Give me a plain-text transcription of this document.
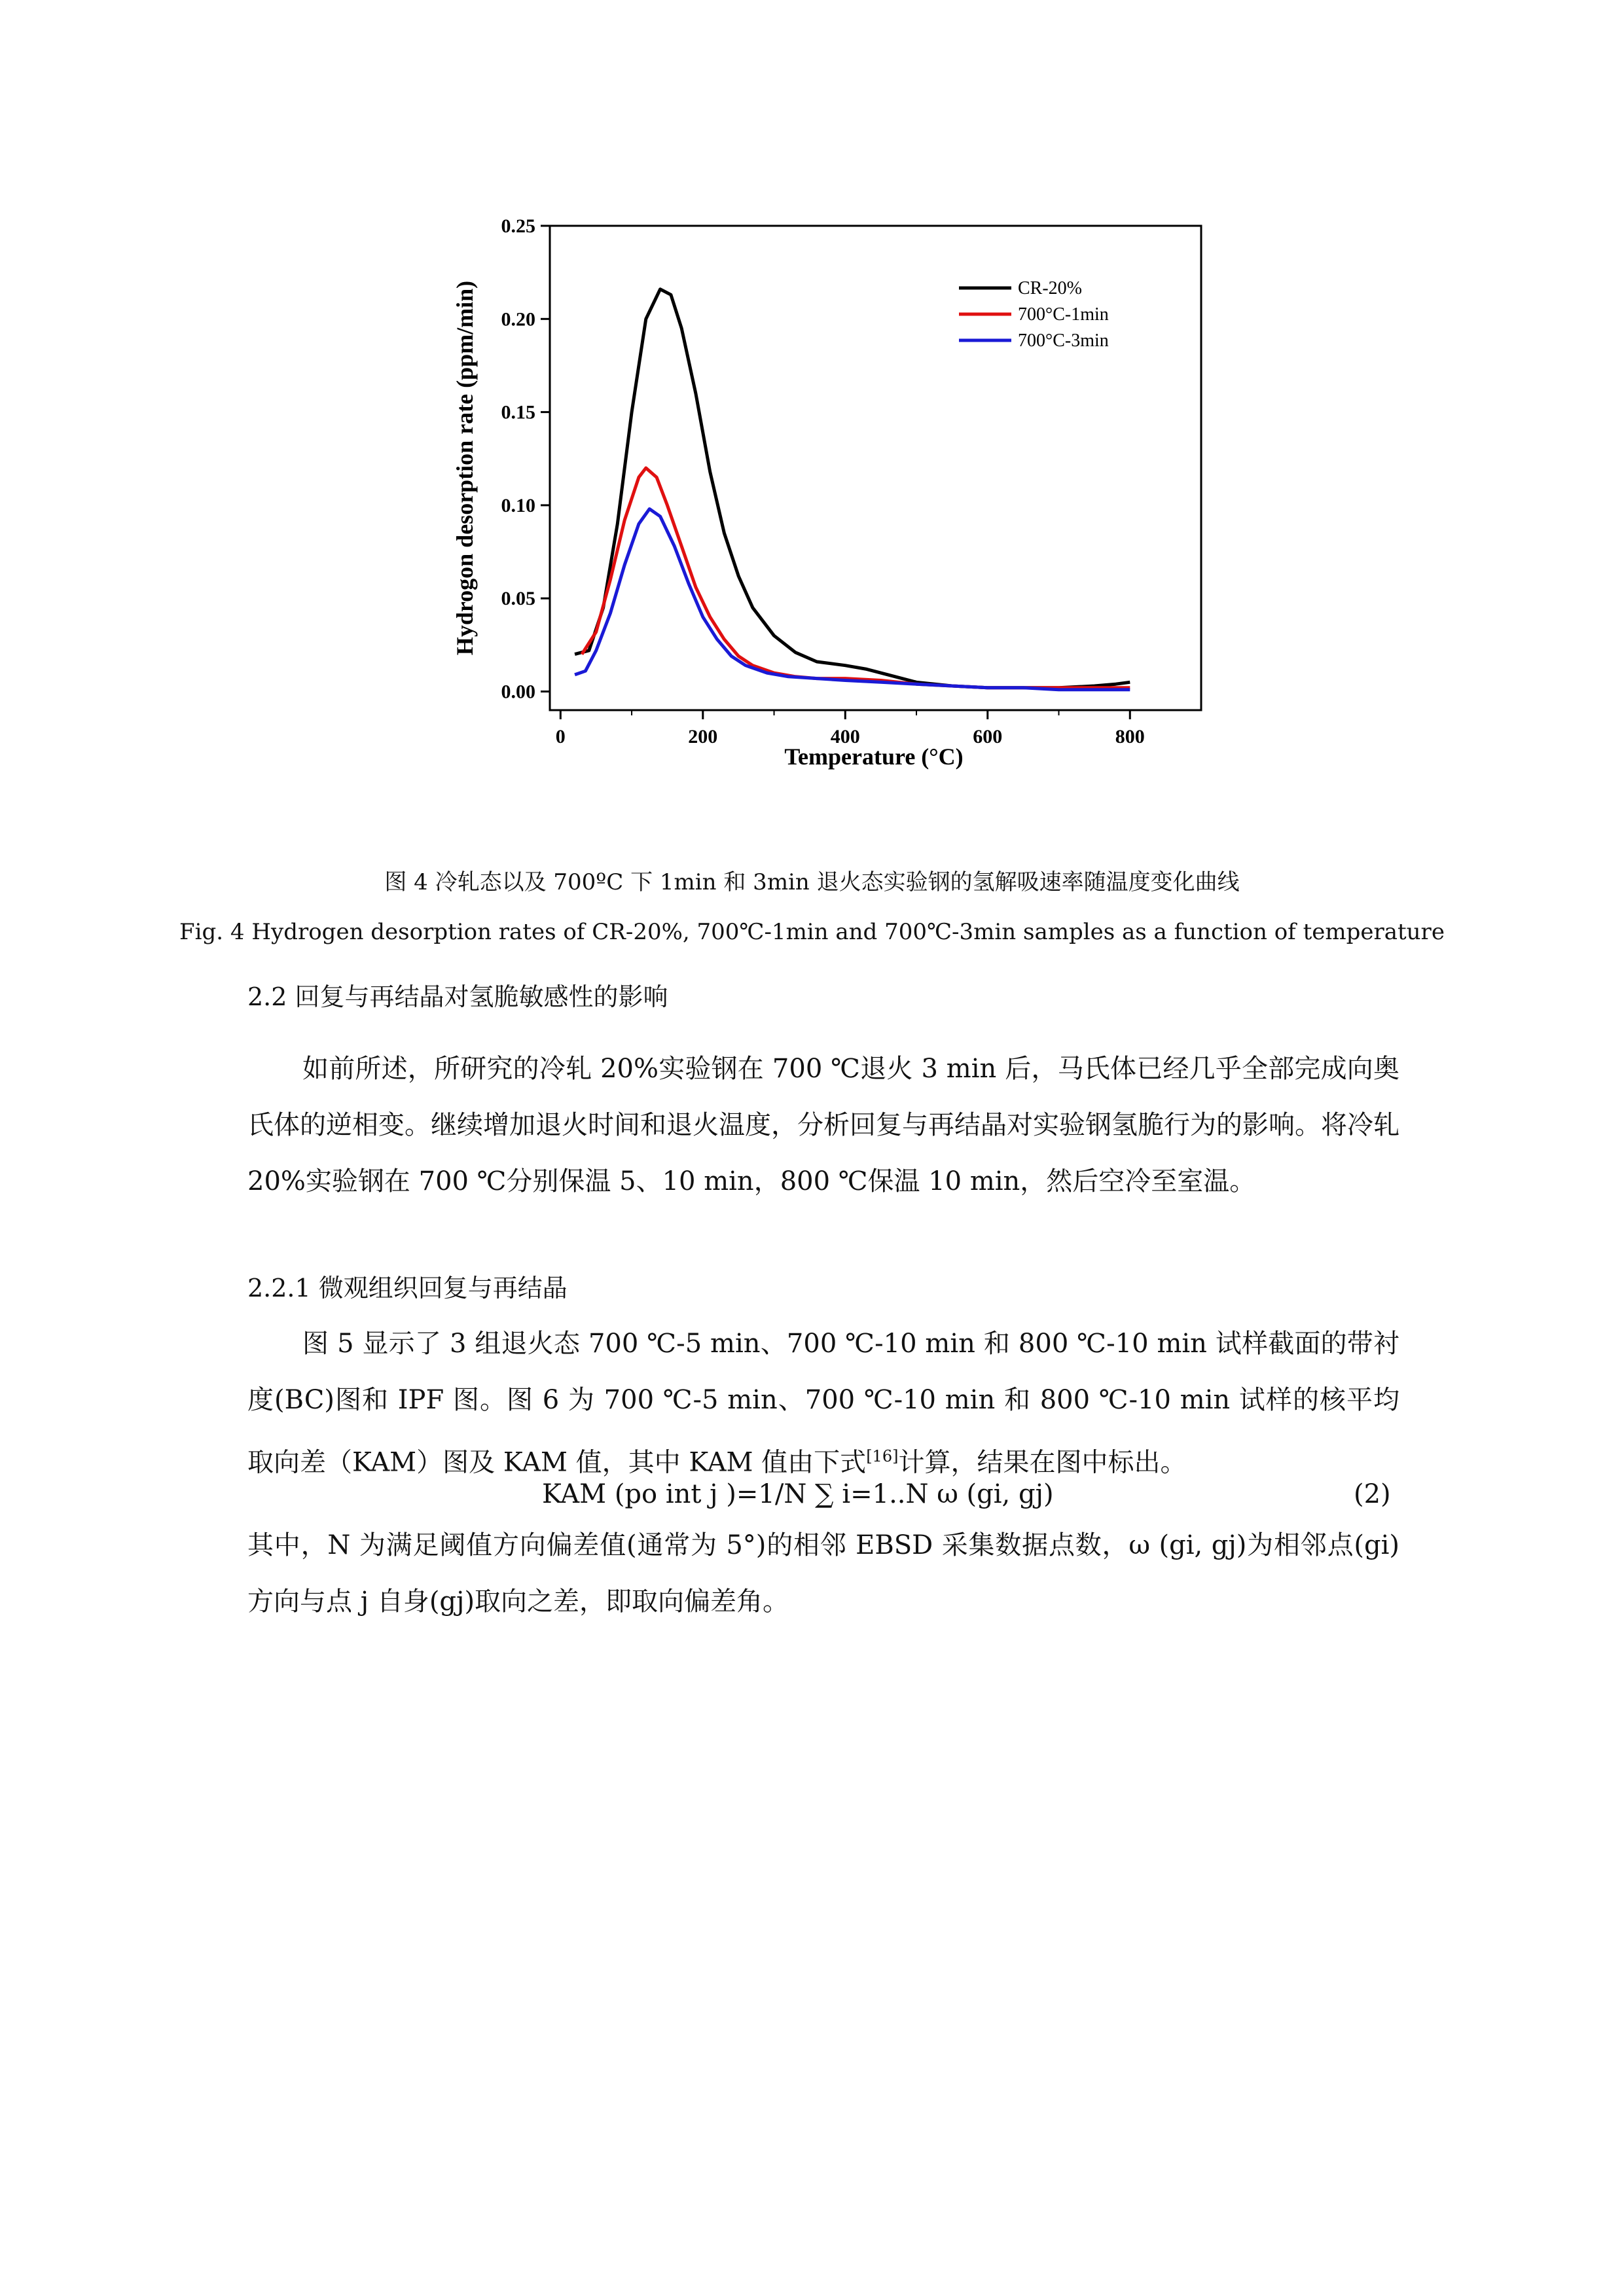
0	200	400	600	800
0.00
0.05
0.10
0.15
0.20
0.25
CR-20%
700°C-1min
700°C-3min
Temperature (°C)
Hydrogon desorption rate (ppm/min)
图 4 冷轧态以及 700ºC 下 1min 和 3min 退火态实验钢的氢解吸速率随温度变化曲线
Fig. 4 Hydrogen desorption rates of CR-20%, 700℃-1min and 700℃-3min samples as a function of temperature
2.2 回复与再结晶对氢脆敏感性的影响

如前所述，所研究的冷轧 20%实验钢在 700 ℃退火 3 min 后，马氏体已经几乎全部完成向奥氏体的逆相变。继续增加退火时间和退火温度，分析回复与再结晶对实验钢氢脆行为的影响。将冷轧 20%实验钢在 700 ℃分别保温 5、10 min，800 ℃保温 10 min，然后空冷至室温。

2.2.1 微观组织回复与再结晶

图 5 显示了 3 组退火态 700 ℃-5 min、700 ℃-10 min 和 800 ℃-10 min 试样截面的带衬度(BC)图和 IPF 图。图 6 为 700 ℃-5 min、700 ℃-10 min 和 800 ℃-10 min 试样的核平均取向差（KAM）图及 KAM 值，其中 KAM 值由下式[16]计算，结果在图中标出。

KAM (po int j )=1/N ∑ i=1..N ω (gi, gj)	(2)

其中，N 为满足阈值方向偏差值(通常为 5°)的相邻 EBSD 采集数据点数，ω (gi, gj)为相邻点(gi)方向与点 j 自身(gj)取向之差，即取向偏差角。
